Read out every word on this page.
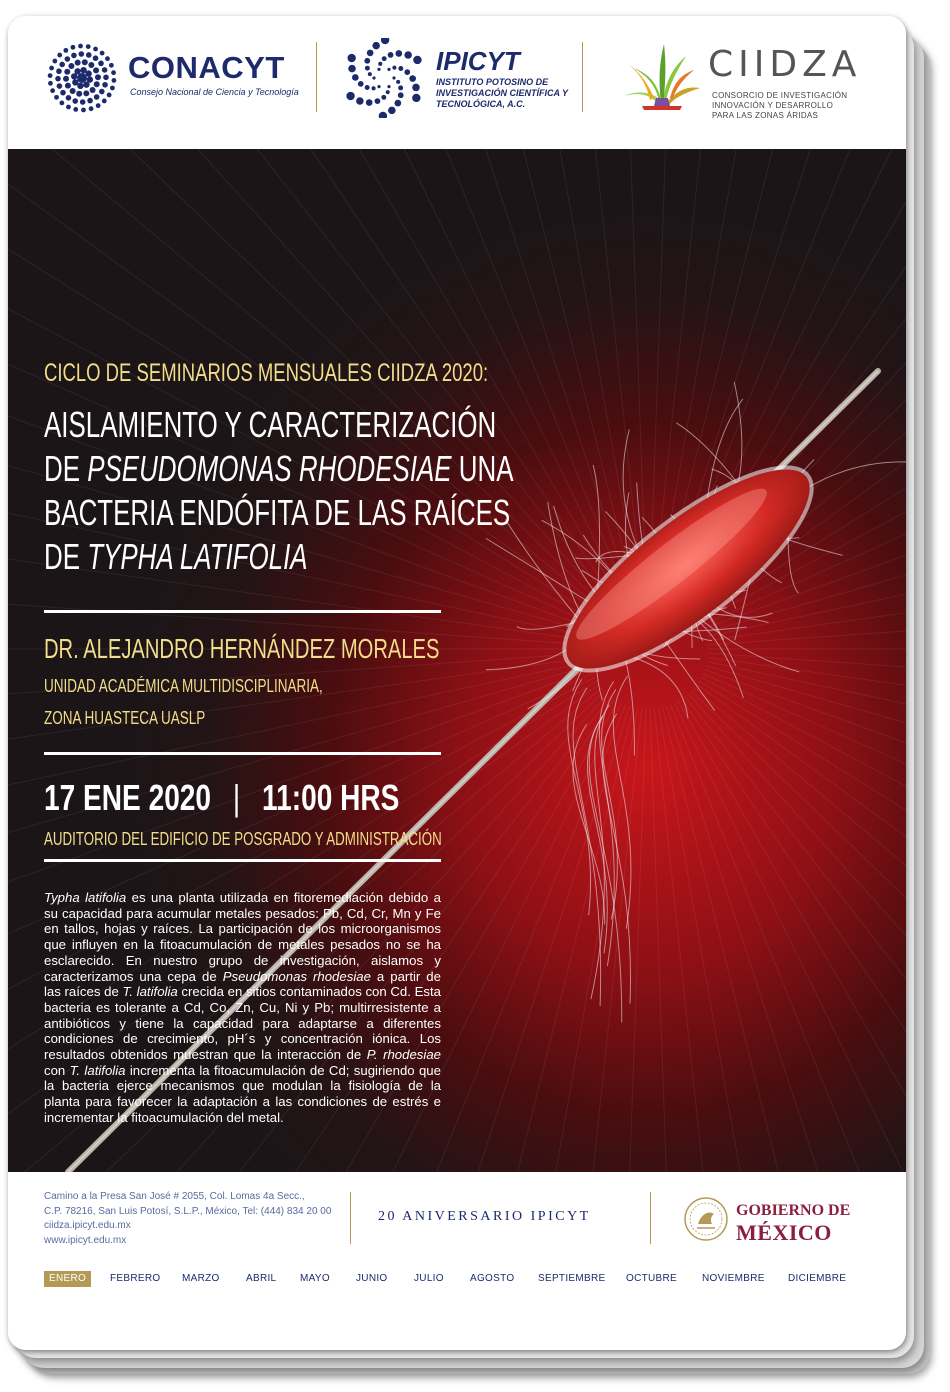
CONACYT
Consejo Nacional de Ciencia y Tecnología
IPICYT
INSTITUTO POTOSINO DE INVESTIGACIÓN CIENTÍFICA Y TECNOLÓGICA, A.C.
CIIDZA
CONSORCIO DE INVESTIGACIÓN INNOVACIÓN Y DESARROLLO PARA LAS ZONAS ÁRIDAS
CICLO DE SEMINARIOS MENSUALES CIIDZA 2020:
AISLAMIENTO Y CARACTERIZACIÓN
DE PSEUDOMONAS RHODESIAE UNA
BACTERIA ENDÓFITA DE LAS RAÍCES
DE TYPHA LATIFOLIA
DR. ALEJANDRO HERNÁNDEZ MORALES
UNIDAD ACADÉMICA MULTIDISCIPLINARIA,
ZONA HUASTECA UASLP
17 ENE 2020 | 11:00 HRS
AUDITORIO DEL EDIFICIO DE POSGRADO Y ADMINISTRACIÓN
Typha latifolia es una planta utilizada en fitoremediación debido a su capacidad para acumular metales pesados: Pb, Cd, Cr, Mn y Fe en tallos, hojas y raíces. La participación de los microorganismos que influyen en la fitoacumulación de metales pesados no se ha esclarecido. En nuestro grupo de investigación, aislamos y caracterizamos una cepa de Pseudomonas rhodesiae a partir de las raíces de T. latifolia crecida en sitios contaminados con Cd. Esta bacteria es tolerante a Cd, Co, Zn, Cu, Ni y Pb; multirresistente a antibióticos y tiene la capacidad para adaptarse a diferentes condiciones de crecimiento, pH´s y concentración iónica. Los resultados obtenidos muestran que la interacción de P. rhodesiae con T. latifolia incrementa la fitoacumulación de Cd; sugiriendo que la bacteria ejerce mecanismos que modulan la fisiología de la planta para favorecer la adaptación a las condiciones de estrés e incrementar la fitoacumulación del metal.
Camino a la Presa San José # 2055, Col. Lomas 4a Secc.,
C.P. 78216, San Luis Potosí, S.L.P., México, Tel: (444) 834 20 00
ciidza.ipicyt.edu.mx
www.ipicyt.edu.mx
20 ANIVERSARIO IPICYT	GOBIERNO DE
MÉXICO
ENERO	FEBRERO MARZO	ABRIL MAYO	JUNIO	JULIO	AGOSTO SEPTIEMBRE OCTUBRE	NOVIEMBRE DICIEMBRE
